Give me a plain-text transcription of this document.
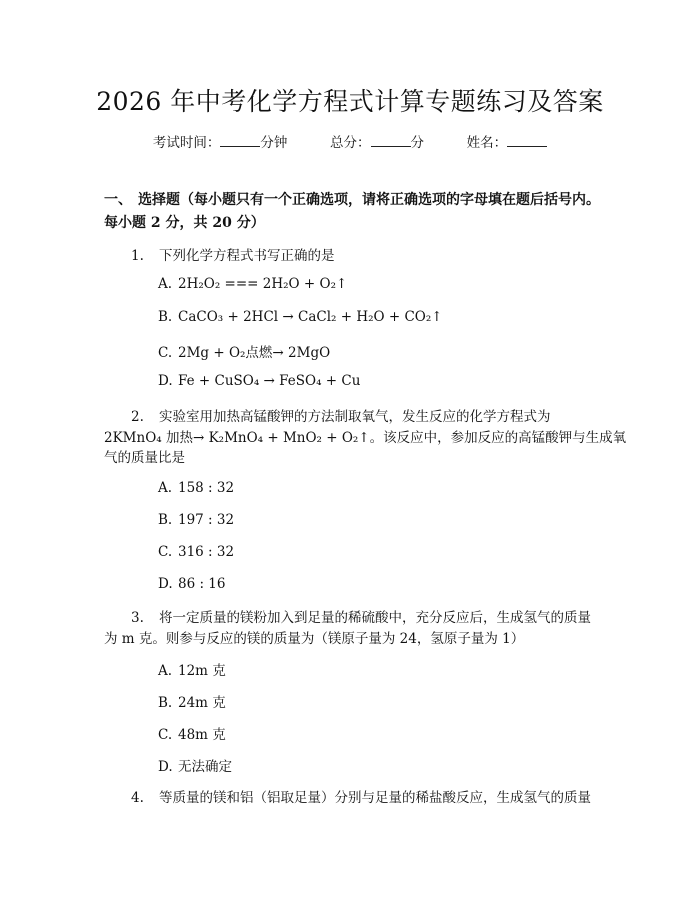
2026 年中考化学方程式计算专题练习及答案
考试时间：	分钟	总分：	分	姓名：
一、 选择题（每小题只有一个正确选项，请将正确选项的字母填在题后括号内。
每小题 2 分，共 20 分）
1. 下列化学方程式书写正确的是
A. 2H₂O₂ === 2H₂O + O₂↑
B. CaCO₃ + 2HCl → CaCl₂ + H₂O + CO₂↑
C. 2Mg + O₂点燃→ 2MgO
D. Fe + CuSO₄ → FeSO₄ + Cu
2. 实验室用加热高锰酸钾的方法制取氧气，发生反应的化学方程式为
2KMnO₄ 加热→ K₂MnO₄ + MnO₂ + O₂↑。该反应中，参加反应的高锰酸钾与生成氧
气的质量比是
A. 158 : 32
B. 197 : 32
C. 316 : 32
D. 86 : 16
3. 将一定质量的镁粉加入到足量的稀硫酸中，充分反应后，生成氢气的质量
为 m 克。则参与反应的镁的质量为（镁原子量为 24，氢原子量为 1）
A. 12m 克
B. 24m 克
C. 48m 克
D. 无法确定
4. 等质量的镁和铝（铝取足量）分别与足量的稀盐酸反应，生成氢气的质量
